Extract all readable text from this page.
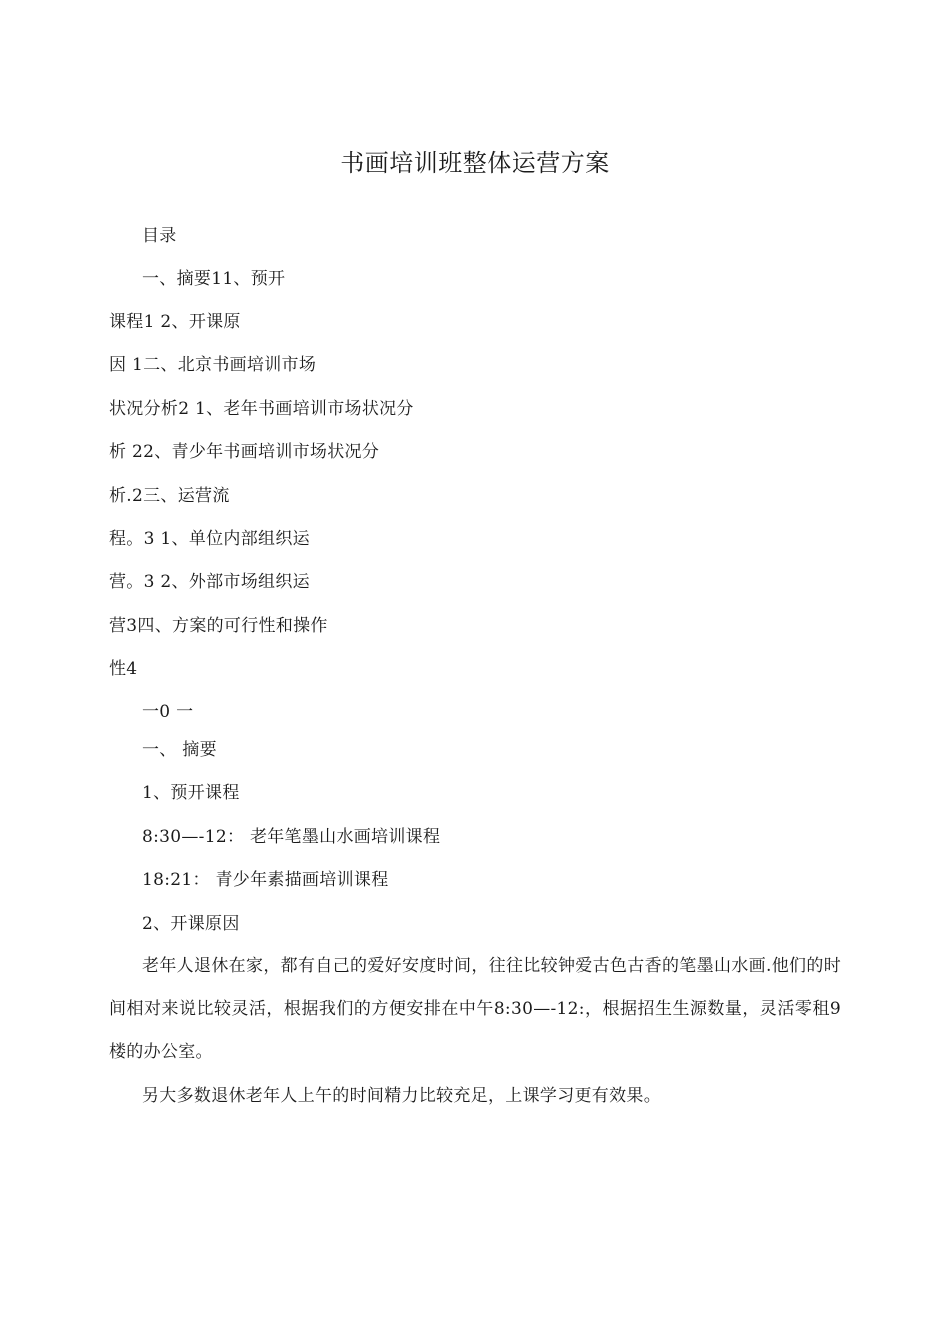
书画培训班整体运营方案
目录
一、摘要11、预开
课程1 2、开课原
因 1二、北京书画培训市场
状况分析2 1、老年书画培训市场状况分
析 22、青少年书画培训市场状况分
析.2三、运营流
程。3 1、单位内部组织运
营。3 2、外部市场组织运
营3四、方案的可行性和操作
性4
一0 一
一、 摘要
1、预开课程
8:30—-12： 老年笔墨山水画培训课程
18:21： 青少年素描画培训课程
2、开课原因
老年人退休在家，都有自己的爱好安度时间，往往比较钟爱古色古香的笔墨山水画.他们的时间相对来说比较灵活，根据我们的方便安排在中午8:30—-12:，根据招生生源数量，灵活零租9楼的办公室。
另大多数退休老年人上午的时间精力比较充足，上课学习更有效果。
